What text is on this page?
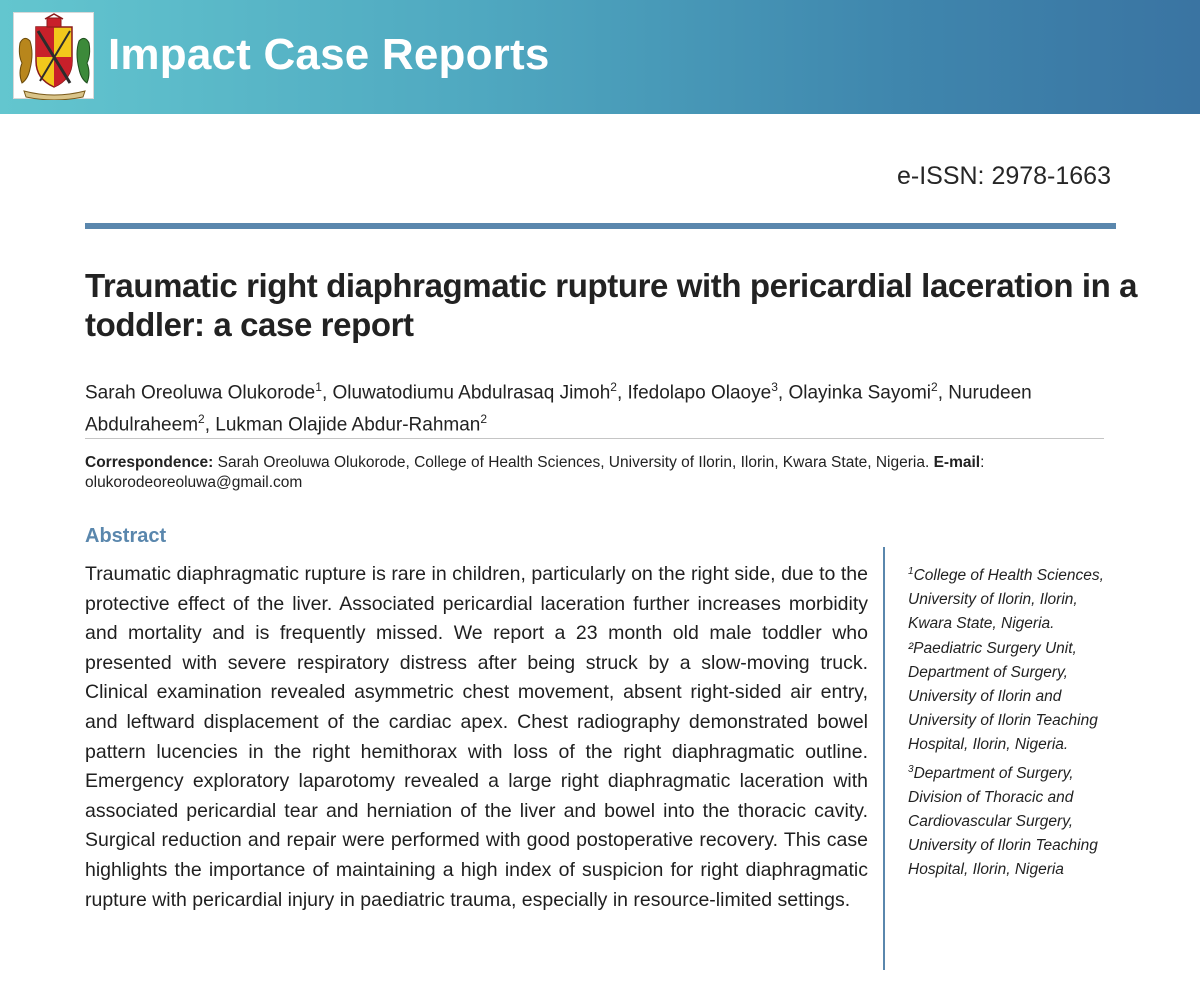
Impact Case Reports
e-ISSN: 2978-1663
Traumatic right diaphragmatic rupture with pericardial laceration in a toddler: a case report
Sarah Oreoluwa Olukorode$^1$, Oluwatodiumu Abdulrasaq Jimoh$^2$, Ifedolapo Olaoye$^3$, Olayinka Sayomi$^2$, Nurudeen Abdulraheem$^2$, Lukman Olajide Abdur-Rahman$^2$
Correspondence: Sarah Oreoluwa Olukorode, College of Health Sciences, University of Ilorin, Ilorin, Kwara State, Nigeria. E-mail: olukorodeoreoluwa@gmail.com
Abstract

Traumatic diaphragmatic rupture is rare in children, particularly on the right side, due to the protective effect of the liver. Associated pericardial laceration further increases morbidity and mortality and is frequently missed. We report a 23 month old male toddler who presented with severe respiratory distress after being struck by a slow-moving truck. Clinical examination revealed asymmetric chest movement, absent right-sided air entry, and leftward displacement of the cardiac apex. Chest radiography demonstrated bowel pattern lucencies in the right hemithorax with loss of the right diaphragmatic outline. Emergency exploratory laparotomy revealed a large right diaphragmatic laceration with associated pericardial tear and herniation of the liver and bowel into the thoracic cavity. Surgical reduction and repair were performed with good postoperative recovery. This case highlights the importance of maintaining a high index of suspicion for right diaphragmatic rupture with pericardial injury in paediatric trauma, especially in resource-limited settings.

$^1$College of Health Sciences, University of Ilorin, Ilorin, Kwara State, Nigeria.

²Paediatric Surgery Unit, Department of Surgery, University of Ilorin and University of Ilorin Teaching Hospital, Ilorin, Nigeria.

$^3$Department of Surgery, Division of Thoracic and Cardiovascular Surgery, University of Ilorin Teaching Hospital, Ilorin, Nigeria
